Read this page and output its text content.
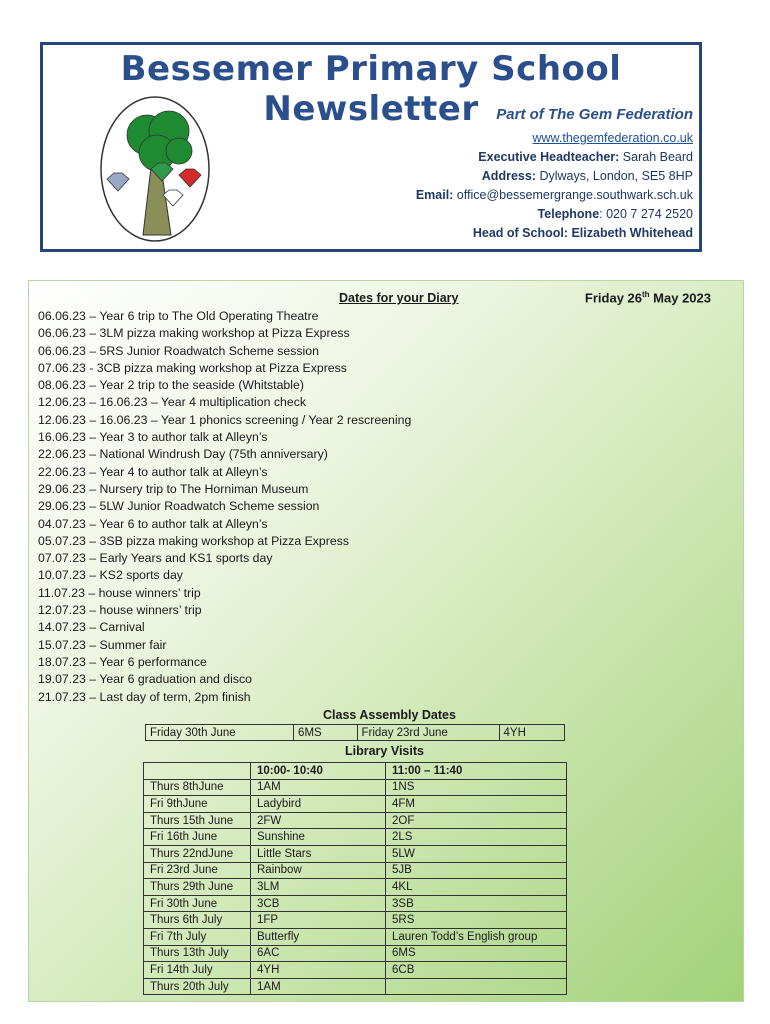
Bessemer Primary School Newsletter	Part of The Gem Federation
www.thegemfederation.co.uk
Executive Headteacher: Sarah Beard
Address: Dylways, London, SE5 8HP
Email: office@bessemergrange.southwark.sch.uk
Telephone: 020 7 274 2520
Head of School: Elizabeth Whitehead
Dates for your Diary	Friday 26th May 2023
06.06.23 – Year 6 trip to The Old Operating Theatre
06.06.23 – 3LM pizza making workshop at Pizza Express
06.06.23 – 5RS Junior Roadwatch Scheme session
07.06.23 - 3CB pizza making workshop at Pizza Express
08.06.23 – Year 2 trip to the seaside (Whitstable)
12.06.23 – 16.06.23 – Year 4 multiplication check
12.06.23 – 16.06.23 – Year 1 phonics screening / Year 2 rescreening
16.06.23 – Year 3 to author talk at Alleyn’s
22.06.23 – National Windrush Day (75th anniversary)
22.06.23 – Year 4 to author talk at Alleyn’s
29.06.23 – Nursery trip to The Horniman Museum
29.06.23 – 5LW Junior Roadwatch Scheme session
04.07.23 – Year 6 to author talk at Alleyn’s
05.07.23 – 3SB pizza making workshop at Pizza Express
07.07.23 – Early Years and KS1 sports day
10.07.23 – KS2 sports day
11.07.23 – house winners’ trip
12.07.23 – house winners’ trip
14.07.23 – Carnival
15.07.23 – Summer fair
18.07.23 – Year 6 performance
19.07.23 – Year 6 graduation and disco
21.07.23 – Last day of term, 2pm finish
Class Assembly Dates
Friday 30th June	6MS	Friday 23rd June	4YH
Library Visits
	10:00- 10:40	11:00 – 11:40
Thurs 8thJune	1AM	1NS
Fri 9thJune	Ladybird	4FM
Thurs 15th June	2FW	2OF
Fri 16th June	Sunshine	2LS
Thurs 22ndJune	Little Stars	5LW
Fri 23rd June	Rainbow	5JB
Thurs 29th June	3LM	4KL
Fri 30th June	3CB	3SB
Thurs 6th July	1FP	5RS
Fri 7th July	Butterfly	Lauren Todd’s English group
Thurs 13th July	6AC	6MS
Fri 14th July	4YH	6CB
Thurs 20th July	1AM	
